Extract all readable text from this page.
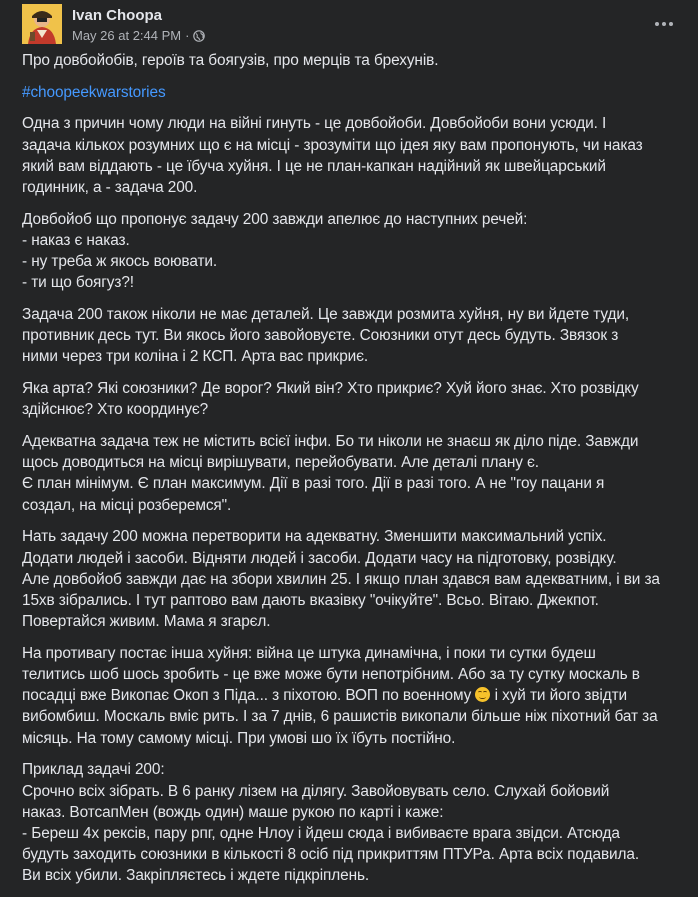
Ivan Choopa
May 26 at 2:44 PM ·

Про довбойобів, героїв та боягузів, про мерців та брехунів.

#choopeekwarstories

Одна з причин чому люди на війні гинуть - це довбойоби. Довбойоби вони усюди. І
задача кількох розумних що є на місці - зрозуміти що ідея яку вам пропонують, чи наказ
який вам віддають - це їбуча хуйня. І це не план-капкан надійний як швейцарський
годинник, а - задача 200.

Довбойоб що пропонує задачу 200 завжди апелює до наступних речей:
- наказ є наказ.
- ну треба ж якось воювати.
- ти що боягуз?!

Задача 200 також ніколи не має деталей. Це завжди розмита хуйня, ну ви йдете туди,
противник десь тут. Ви якось його завойовуєте. Союзники отут десь будуть. Звязок з
ними через три коліна і 2 КСП. Арта вас прикриє.

Яка арта? Які союзники? Де ворог? Який він? Хто прикриє? Хуй його знає. Хто розвідку
здійснює? Хто координує?

Адекватна задача теж не містить всієї інфи. Бо ти ніколи не знаєш як діло піде. Завжди
щось доводиться на місці вирішувати, перейобувати. Але деталі плану є.
Є план мінімум. Є план максимум. Дії в разі того. Дії в разі того. А не "гоу пацани я
создал, на місці розберемся".

Нать задачу 200 можна перетворити на адекватну. Зменшити максимальний успіх.
Додати людей і засоби. Відняти людей і засоби. Додати часу на підготовку, розвідку.
Але довбойоб завжди дає на збори хвилин 25. І якщо план здався вам адекватним, і ви за
15хв зібрались. І тут раптово вам дають вказівку "очікуйте". Всьо. Вітаю. Джекпот.
Повертайся живим. Мама я згарєл.

На противагу постає інша хуйня: війна це штука динамічна, і поки ти сутки будеш
телитись шоб шось зробить - це вже може бути непотрібним. Або за ту сутку москаль в
посадці вже Викопає Окоп з Піда... з піхотою. ВОП по военному
і хуй ти його звідти
вибомбиш. Москаль вміє рить. І за 7 днів, 6 рашистів викопали більше ніж піхотний бат за
місяць. На тому самому місці. При умові шо їх їбуть постійно.

Приклад задачі 200:
Срочно всіх зібрать. В 6 ранку лізем на ділягу. Завойовувать село. Слухай бойовий
наказ. ВотсапМен (вождь один) маше рукою по карті і каже:
- Береш 4х рексів, пару рпг, одне Нлоу і йдеш сюда і вибиваєте врага звідси. Атсюда
будуть заходить союзники в кількості 8 осіб під прикриттям ПТУРа. Арта всіх подавила.
Ви всіх убили. Закріпляєтесь і ждете підкріплень.
